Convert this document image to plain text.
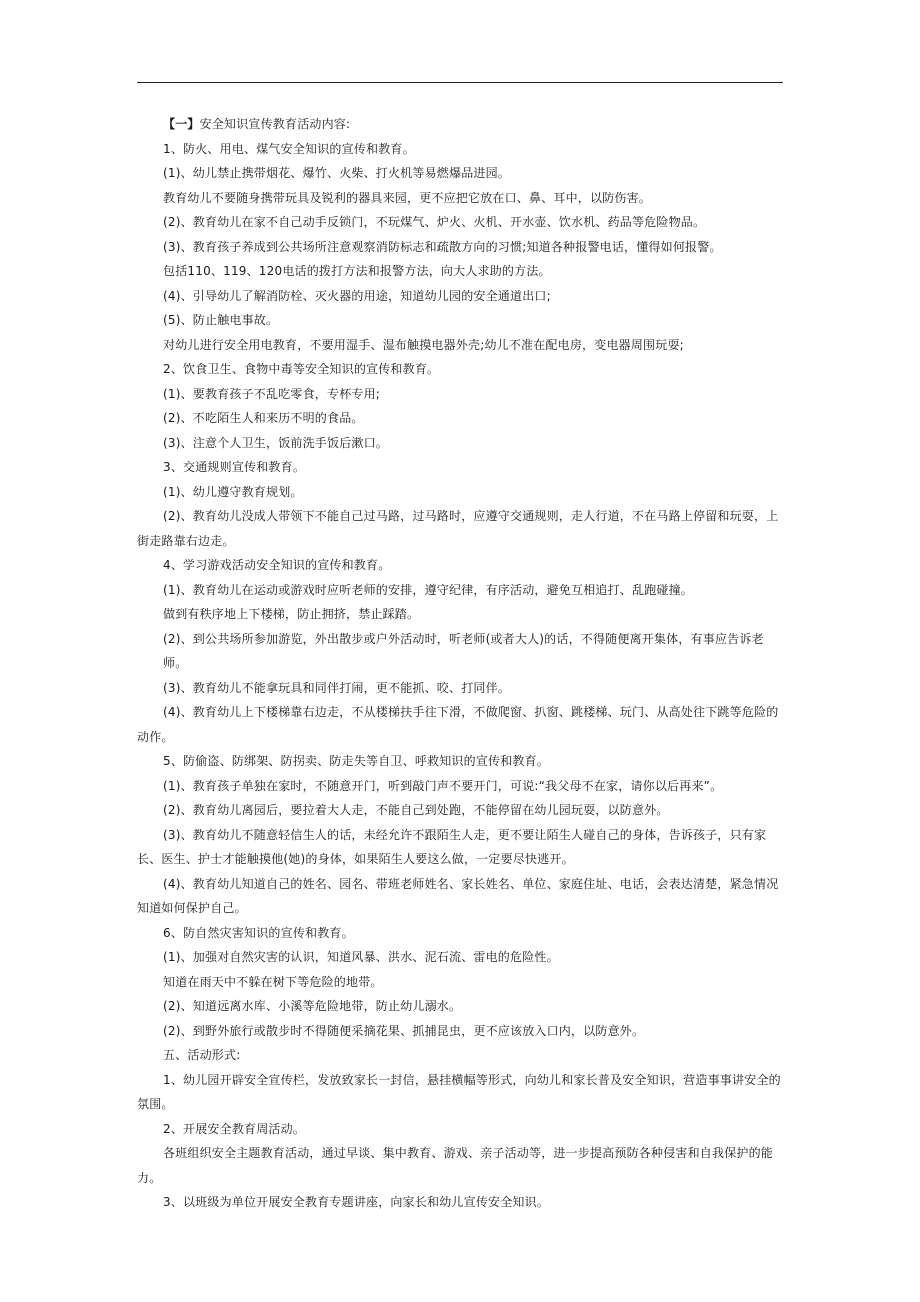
【一】安全知识宣传教育活动内容:

1、防火、用电、煤气安全知识的宣传和教育。

(1)、幼儿禁止携带烟花、爆竹、火柴、打火机等易燃爆品进园。

教育幼儿不要随身携带玩具及锐利的器具来园，更不应把它放在口、鼻、耳中，以防伤害。

(2)、教育幼儿在家不自己动手反锁门，不玩煤气、炉火、火机、开水壶、饮水机、药品等危险物品。

(3)、教育孩子养成到公共场所注意观察消防标志和疏散方向的习惯;知道各种报警电话，懂得如何报警。

包括110、119、120电话的拨打方法和报警方法，向大人求助的方法。

(4)、引导幼儿了解消防栓、灭火器的用途，知道幼儿园的安全通道出口;

(5)、防止触电事故。

对幼儿进行安全用电教育，不要用湿手、湿布触摸电器外壳;幼儿不准在配电房，变电器周围玩耍;

2、饮食卫生、食物中毒等安全知识的宣传和教育。

(1)、要教育孩子不乱吃零食，专杯专用;

(2)、不吃陌生人和来历不明的食品。

(3)、注意个人卫生，饭前洗手饭后漱口。

3、交通规则宣传和教育。

(1)、幼儿遵守教育规划。

(2)、教育幼儿没成人带领下不能自己过马路，过马路时，应遵守交通规则，走人行道，不在马路上停留和玩耍，上街走路靠右边走。

4、学习游戏活动安全知识的宣传和教育。

(1)、教育幼儿在运动或游戏时应听老师的安排，遵守纪律，有序活动，避免互相追打、乱跑碰撞。

做到有秩序地上下楼梯，防止拥挤，禁止踩踏。

(2)、到公共场所参加游览，外出散步或户外活动时，听老师(或者大人)的话，不得随便离开集体，有事应告诉老师。

(3)、教育幼儿不能拿玩具和同伴打闹，更不能抓、咬、打同伴。

(4)、教育幼儿上下楼梯靠右边走，不从楼梯扶手往下滑，不做爬窗、扒窗、跳楼梯、玩门、从高处往下跳等危险的动作。

5、防偷盗、防绑架、防拐卖、防走失等自卫、呼救知识的宣传和教育。

(1)、教育孩子单独在家时，不随意开门，听到敲门声不要开门，可说:“我父母不在家，请你以后再来”。

(2)、教育幼儿离园后，要拉着大人走，不能自己到处跑，不能停留在幼儿园玩耍，以防意外。

(3)、教育幼儿不随意轻信生人的话，未经允许不跟陌生人走，更不要让陌生人碰自己的身体，告诉孩子，只有家长、医生、护士才能触摸他(她)的身体，如果陌生人要这么做，一定要尽快逃开。

(4)、教育幼儿知道自己的姓名、园名、带班老师姓名、家长姓名、单位、家庭住址、电话，会表达清楚，紧急情况知道如何保护自己。

6、防自然灾害知识的宣传和教育。

(1)、加强对自然灾害的认识，知道风暴、洪水、泥石流、雷电的危险性。

知道在雨天中不躲在树下等危险的地带。

(2)、知道远离水库、小溪等危险地带，防止幼儿溺水。

(2)、到野外旅行或散步时不得随便采摘花果、抓捕昆虫，更不应该放入口内，以防意外。

五、活动形式:

1、幼儿园开辟安全宣传栏，发放致家长一封信，悬挂横幅等形式，向幼儿和家长普及安全知识，营造事事讲安全的氛围。

2、开展安全教育周活动。

各班组织安全主题教育活动，通过早谈、集中教育、游戏、亲子活动等，进一步提高预防各种侵害和自我保护的能力。

3、以班级为单位开展安全教育专题讲座，向家长和幼儿宣传安全知识。
